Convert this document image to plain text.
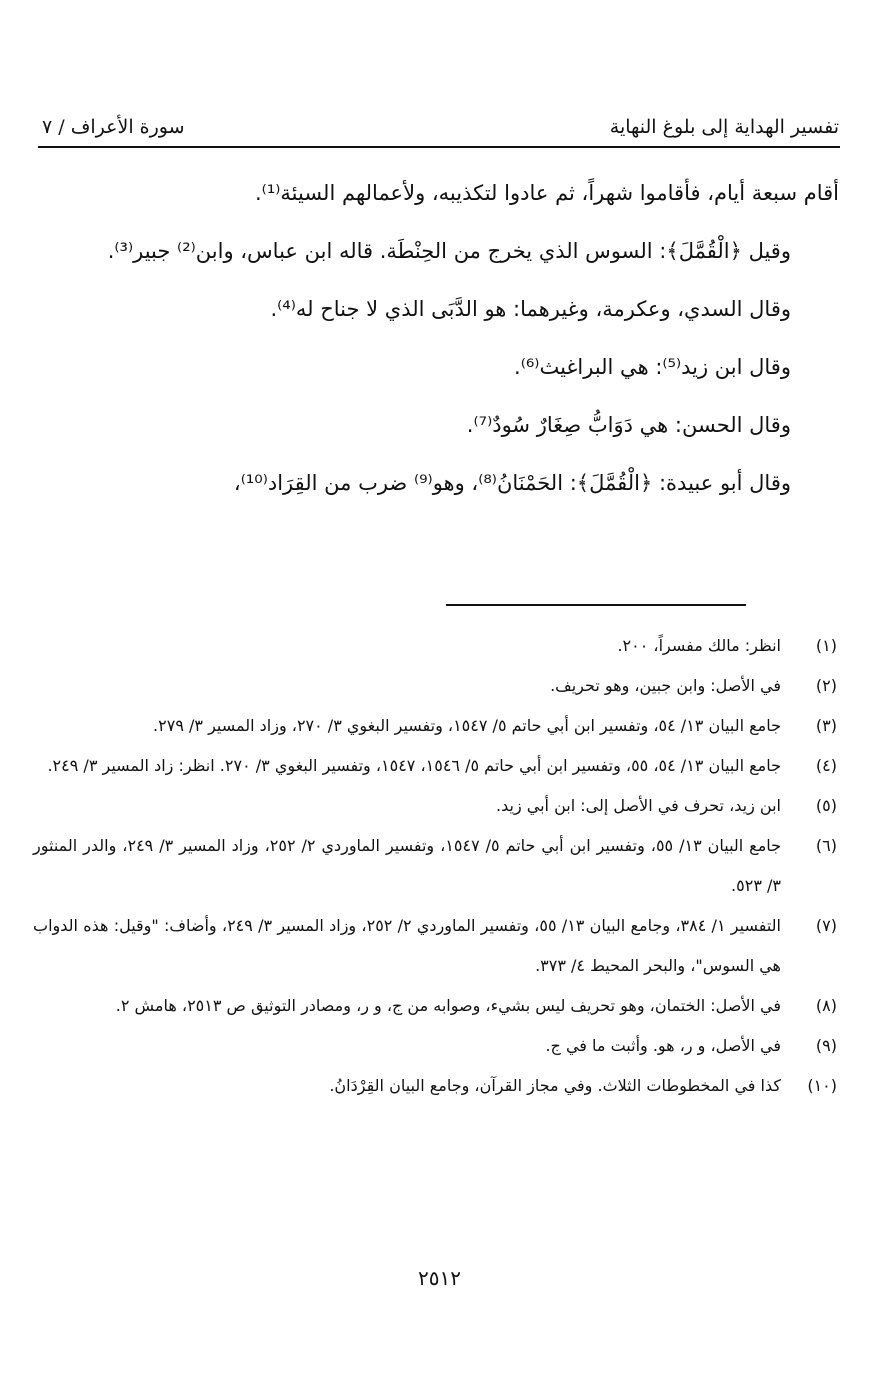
تفسير الهداية إلى بلوغ النهاية
سورة الأعراف / ٧

أقام سبعة أيام، فأقاموا شهراً، ثم عادوا لتكذيبه، ولأعمالهم السيئة⁽¹⁾.

وقيل ﴿الْقُمَّلَ﴾: السوس الذي يخرج من الحِنْطَة. قاله ابن عباس، وابن⁽²⁾ جبير⁽³⁾.

وقال السدي، وعكرمة، وغيرهما: هو الدَّبَى الذي لا جناح له⁽⁴⁾.

وقال ابن زيد⁽⁵⁾: هي البراغيث⁽⁶⁾.

وقال الحسن: هي دَوَابُّ صِغَارٌ سُودٌ⁽⁷⁾.

وقال أبو عبيدة: ﴿الْقُمَّلَ﴾: الحَمْنَانُ⁽⁸⁾، وهو⁽⁹⁾ ضرب من القِرَاد⁽¹⁰⁾،

(١)
انظر: مالك مفسراً، ٢٠٠.
(٢)
في الأصل: وابن جبين، وهو تحريف.
(٣)
جامع البيان ١٣/ ٥٤، وتفسير ابن أبي حاتم ٥/ ١٥٤٧، وتفسير البغوي ٣/ ٢٧٠، وزاد المسير ٣/ ٢٧٩.
(٤)
جامع البيان ١٣/ ٥٤، ٥٥، وتفسير ابن أبي حاتم ٥/ ١٥٤٦، ١٥٤٧، وتفسير البغوي ٣/ ٢٧٠. انظر: زاد المسير ٣/ ٢٤٩.
(٥)
ابن زيد، تحرف في الأصل إلى: ابن أبي زيد.
(٦)
جامع البيان ١٣/ ٥٥، وتفسير ابن أبي حاتم ٥/ ١٥٤٧، وتفسير الماوردي ٢/ ٢٥٢، وزاد المسير ٣/ ٢٤٩، والدر المنثور ٣/ ٥٢٣.
(٧)
التفسير ١/ ٣٨٤، وجامع البيان ١٣/ ٥٥، وتفسير الماوردي ٢/ ٢٥٢، وزاد المسير ٣/ ٢٤٩، وأضاف: "وقيل: هذه الدواب هي السوس"، والبحر المحيط ٤/ ٣٧٣.
(٨)
في الأصل: الختمان، وهو تحريف ليس بشيء، وصوابه من ج، و ر، ومصادر التوثيق ص ٢٥١٣، هامش ٢.
(٩)
في الأصل، و ر، هو. وأثبت ما في ج.
(١٠)
كذا في المخطوطات الثلاث. وفي مجاز القرآن، وجامع البيان القِرْدَانُ.
٢٥١٢
